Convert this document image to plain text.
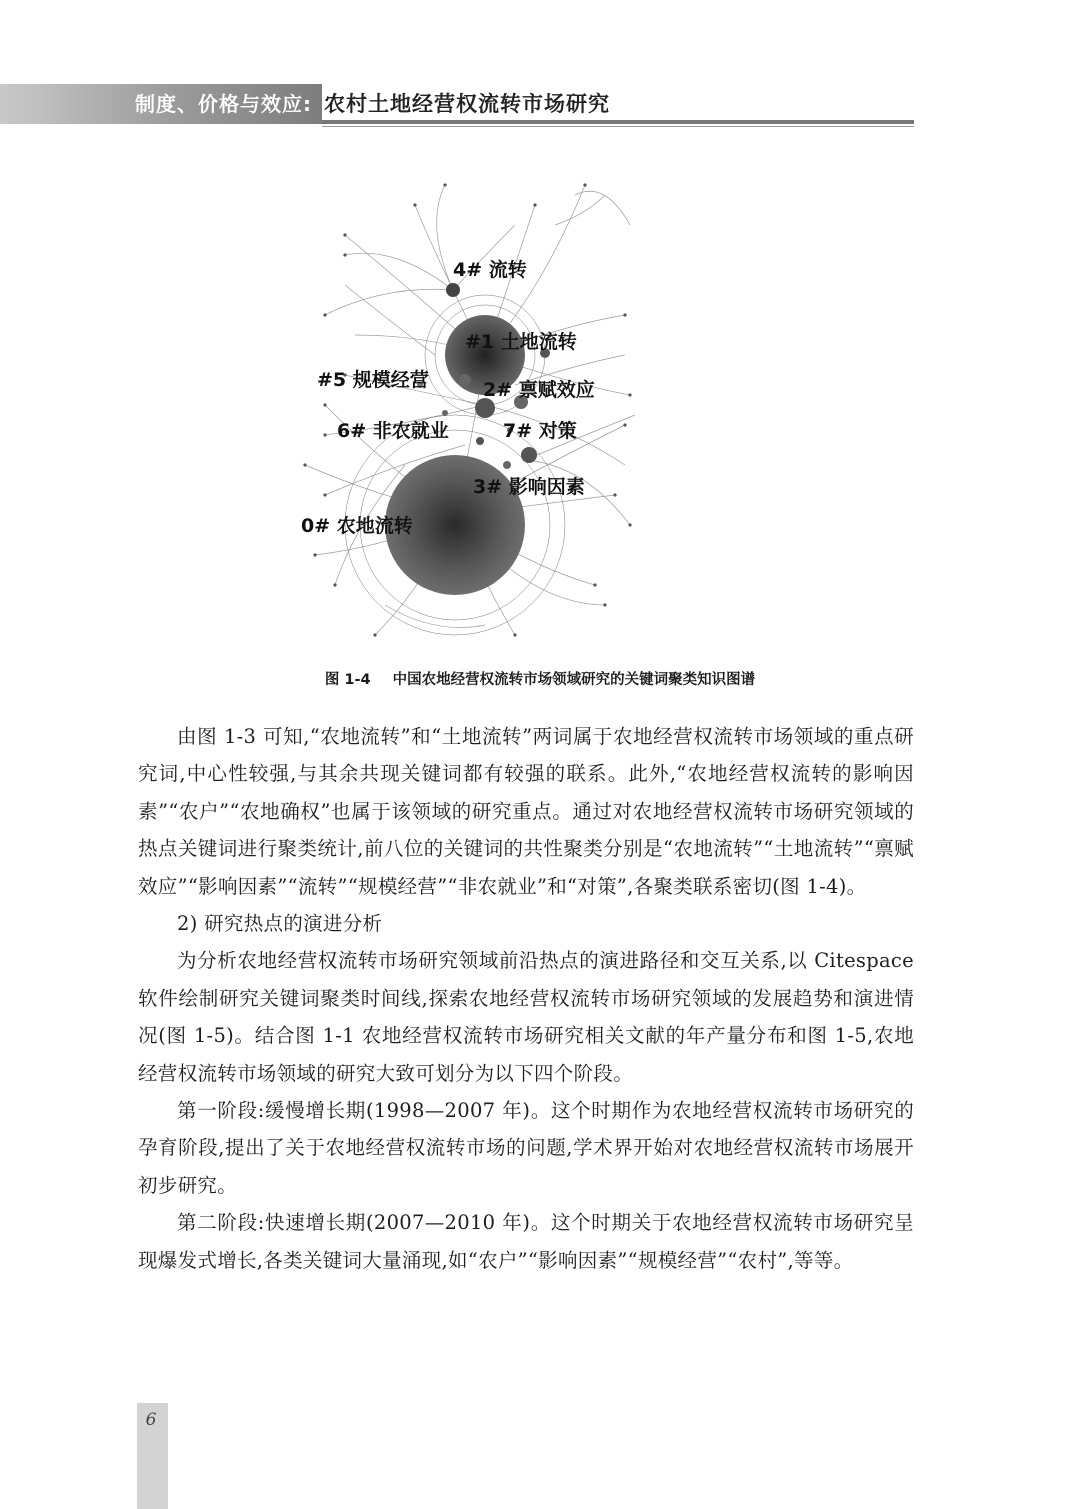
制度、价格与效应: 农村土地经营权流转市场研究
4# 流转
#1 土地流转
#5 规模经营	2# 禀赋效应
6# 非农就业	7# 对策
3# 影响因素
0# 农地流转
图 1-4 中国农地经营权流转市场领域研究的关键词聚类知识图谱

由图 1-3 可知,“农地流转”和“土地流转”两词属于农地经营权流转市场领域的重点研究词,中心性较强,与其余共现关键词都有较强的联系。此外,“农地经营权流转的影响因素”“农户”“农地确权”也属于该领域的研究重点。通过对农地经营权流转市场研究领域的热点关键词进行聚类统计,前八位的关键词的共性聚类分别是“农地流转”“土地流转”“禀赋效应”“影响因素”“流转”“规模经营”“非农就业”和“对策”,各聚类联系密切(图 1-4)。

2) 研究热点的演进分析

为分析农地经营权流转市场研究领域前沿热点的演进路径和交互关系,以 Citespace 软件绘制研究关键词聚类时间线,探索农地经营权流转市场研究领域的发展趋势和演进情况(图 1-5)。结合图 1-1 农地经营权流转市场研究相关文献的年产量分布和图 1-5,农地经营权流转市场领域的研究大致可划分为以下四个阶段。

第一阶段:缓慢增长期(1998—2007 年)。这个时期作为农地经营权流转市场研究的孕育阶段,提出了关于农地经营权流转市场的问题,学术界开始对农地经营权流转市场展开初步研究。

第二阶段:快速增长期(2007—2010 年)。这个时期关于农地经营权流转市场研究呈现爆发式增长,各类关键词大量涌现,如“农户”“影响因素”“规模经营”“农村”,等等。

6
